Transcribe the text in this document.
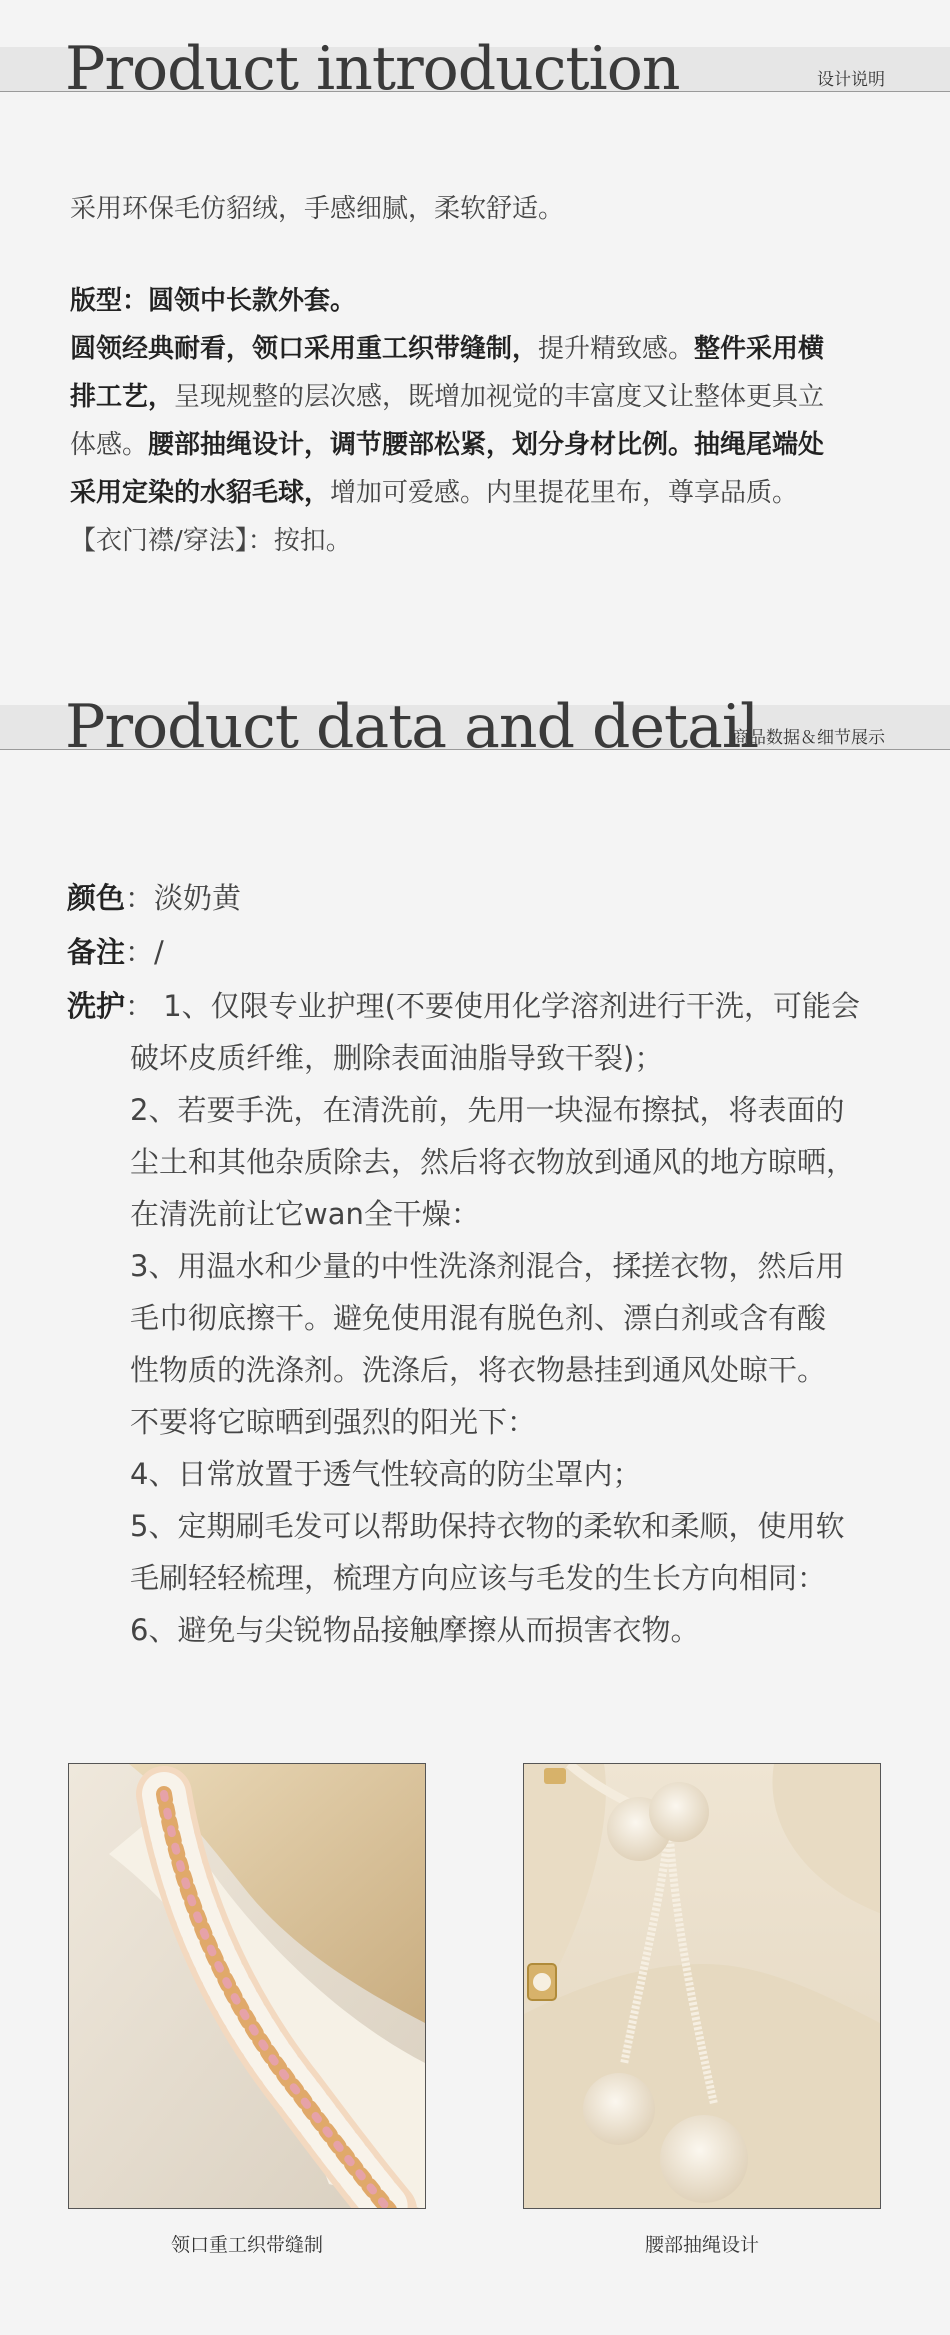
Product introduction	设计说明
采用环保毛仿貂绒，手感细腻，柔软舒适。
版型：圆领中长款外套。
圆领经典耐看，领口采用重工织带缝制，提升精致感。整件采用横
排工艺，呈现规整的层次感，既增加视觉的丰富度又让整体更具立
体感。腰部抽绳设计，调节腰部松紧，划分身材比例。抽绳尾端处
采用定染的水貂毛球，增加可爱感。内里提花里布，尊享品质。
【衣门襟/穿法】：按扣。
Product data and detail
商品数据＆细节展示
颜色：淡奶黄
备注：/
洗护： 1、仅限专业护理(不要使用化学溶剂进行干洗，可能会
破坏皮质纤维，删除表面油脂导致干裂)；
2、若要手洗，在清洗前，先用一块湿布擦拭，将表面的
尘土和其他杂质除去，然后将衣物放到通风的地方晾晒，
在清洗前让它wan全干燥：
3、用温水和少量的中性洗涤剂混合，揉搓衣物，然后用
毛巾彻底擦干。避免使用混有脱色剂、漂白剂或含有酸
性物质的洗涤剂。洗涤后，将衣物悬挂到通风处晾干。
不要将它晾晒到强烈的阳光下：
4、日常放置于透气性较高的防尘罩内；
5、定期刷毛发可以帮助保持衣物的柔软和柔顺，使用软
毛刷轻轻梳理，梳理方向应该与毛发的生长方向相同：
6、避免与尖锐物品接触摩擦从而损害衣物。
领口重工织带缝制	腰部抽绳设计
